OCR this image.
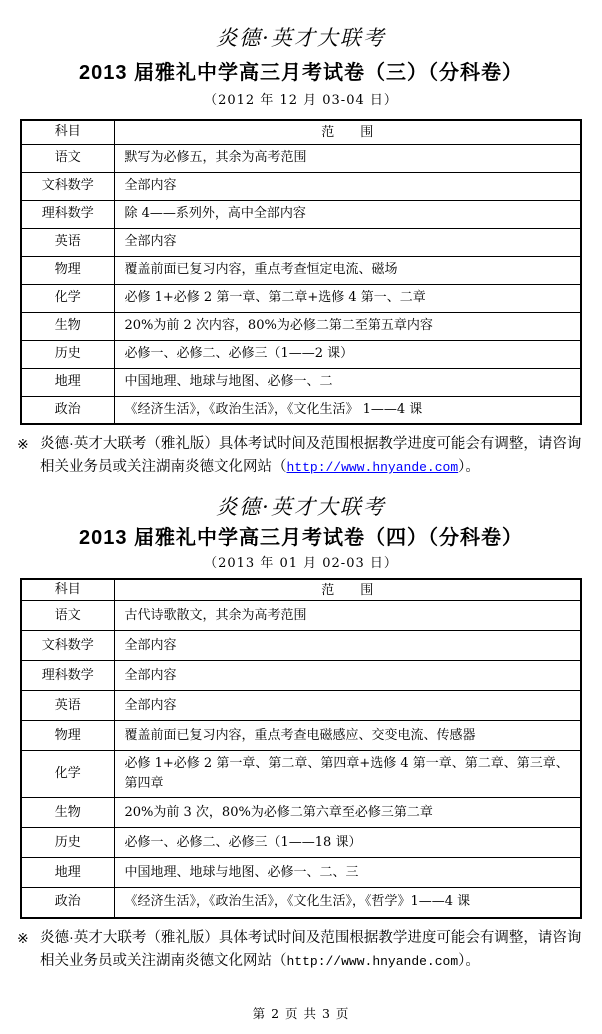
炎德·英才大联考
2013 届雅礼中学高三月考试卷（三）（分科卷）
（2012 年 12 月 03-04 日）
科目	范　　围
语文	默写为必修五，其余为高考范围
文科数学	全部内容
理科数学	除 4——系列外，高中全部内容
英语	全部内容
物理	覆盖前面已复习内容，重点考查恒定电流、磁场
化学	必修 1+必修 2 第一章、第二章+选修 4 第一、二章
生物	20%为前 2 次内容，80%为必修二第二至第五章内容
历史	必修一、必修二、必修三（1——2 课）
地理	中国地理、地球与地图、必修一、二
政治	《经济生活》，《政治生活》，《文化生活》 1——4 课
※ 炎德·英才大联考（雅礼版）具体考试时间及范围根据教学进度可能会有调整，请咨询相关业务员或关注湖南炎德文化网站（http://www.hnyande.com）。
炎德·英才大联考
2013 届雅礼中学高三月考试卷（四）（分科卷）
（2013 年 01 月 02-03 日）
科目	范　　围
语文	古代诗歌散文，其余为高考范围
文科数学	全部内容
理科数学	全部内容
英语	全部内容
物理	覆盖前面已复习内容，重点考查电磁感应、交变电流、传感器
化学	必修 1+必修 2 第一章、第二章、第四章+选修 4 第一章、第二章、第三章、第四章
生物	20%为前 3 次，80%为必修二第六章至必修三第二章
历史	必修一、必修二、必修三（1——18 课）
地理	中国地理、地球与地图、必修一、二、三
政治	《经济生活》，《政治生活》，《文化生活》，《哲学》1——4 课
※ 炎德·英才大联考（雅礼版）具体考试时间及范围根据教学进度可能会有调整，请咨询相关业务员或关注湖南炎德文化网站（http://www.hnyande.com）。
第 2 页 共 3 页
